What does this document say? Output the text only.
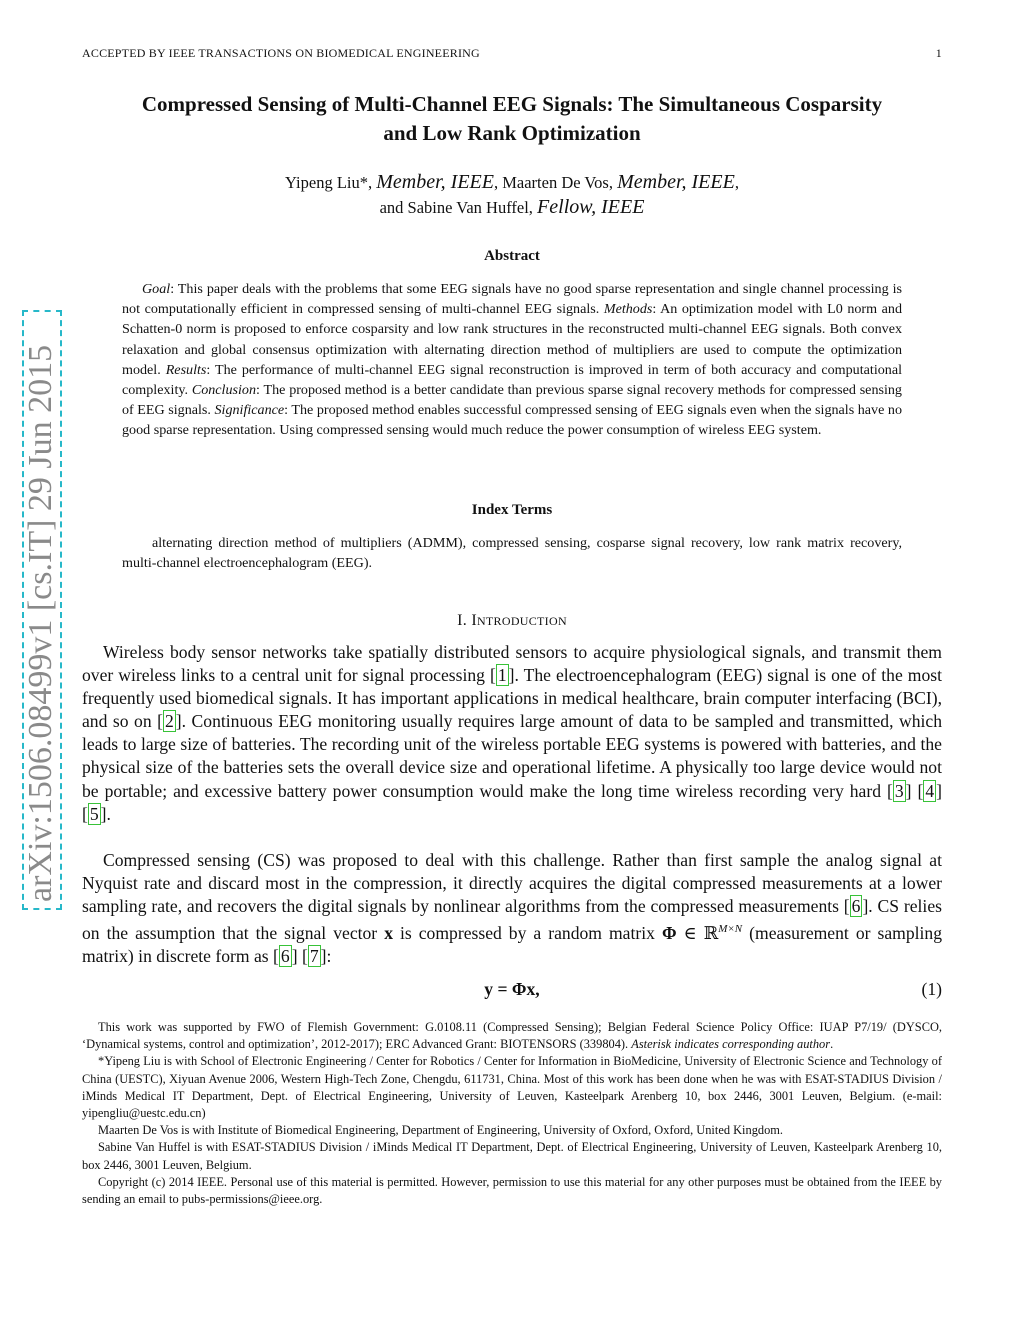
ACCEPTED BY IEEE TRANSACTIONS ON BIOMEDICAL ENGINEERING	1
arXiv:1506.08499v1 [cs.IT] 29 Jun 2015
Compressed Sensing of Multi-Channel EEG Signals: The Simultaneous Cosparsity
and Low Rank Optimization
Yipeng Liu*, Member, IEEE, Maarten De Vos, Member, IEEE,
and Sabine Van Huffel, Fellow, IEEE
Abstract

Goal: This paper deals with the problems that some EEG signals have no good sparse representation and single channel processing is not computationally efficient in compressed sensing of multi-channel EEG signals. Methods: An optimization model with L0 norm and Schatten-0 norm is proposed to enforce cosparsity and low rank structures in the reconstructed multi-channel EEG signals. Both convex relaxation and global consensus optimization with alternating direction method of multipliers are used to compute the optimization model. Results: The performance of multi-channel EEG signal reconstruction is improved in term of both accuracy and computational complexity. Conclusion: The proposed method is a better candidate than previous sparse signal recovery methods for compressed sensing of EEG signals. Significance: The proposed method enables successful compressed sensing of EEG signals even when the signals have no good sparse representation. Using compressed sensing would much reduce the power consumption of wireless EEG system.

Index Terms

alternating direction method of multipliers (ADMM), compressed sensing, cosparse signal recovery, low rank matrix recovery, multi-channel electroencephalogram (EEG).

I. INTRODUCTION

Wireless body sensor networks take spatially distributed sensors to acquire physiological signals, and transmit them over wireless links to a central unit for signal processing [ 1 ]. The electroencephalogram (EEG) signal is one of the most frequently used biomedical signals. It has important applications in medical healthcare, brain computer interfacing (BCI), and so on [ 2 ]. Continuous EEG monitoring usually requires large amount of data to be sampled and transmitted, which leads to large size of batteries. The recording unit of the wireless portable EEG systems is powered with batteries, and the physical size of the batteries sets the overall device size and operational lifetime. A physically too large device would not be portable; and excessive battery power consumption would make the long time wireless recording very hard [ 3 ] [ 4 ] [ 5 ].

Compressed sensing (CS) was proposed to deal with this challenge. Rather than first sample the analog signal at Nyquist rate and discard most in the compression, it directly acquires the digital compressed measurements at a lower sampling rate, and recovers the digital signals by nonlinear algorithms from the compressed measurements [ 6 ]. CS relies on the assumption that the signal vector x is compressed by a random matrix Φ ∈ ℝ$^{M\times N}$ (measurement or sampling matrix) in discrete form as [ 6 ] [ 7 ]:

y = Φx,	(1)

This work was supported by FWO of Flemish Government: G.0108.11 (Compressed Sensing); Belgian Federal Science Policy Office: IUAP P7/19/ (DYSCO, ‘Dynamical systems, control and optimization’, 2012-2017); ERC Advanced Grant: BIOTENSORS (339804). Asterisk indicates corresponding author.

*Yipeng Liu is with School of Electronic Engineering / Center for Robotics / Center for Information in BioMedicine, University of Electronic Science and Technology of China (UESTC), Xiyuan Avenue 2006, Western High-Tech Zone, Chengdu, 611731, China. Most of this work has been done when he was with ESAT-STADIUS Division / iMinds Medical IT Department, Dept. of Electrical Engineering, University of Leuven, Kasteelpark Arenberg 10, box 2446, 3001 Leuven, Belgium. (e-mail: yipengliu@uestc.edu.cn)

Maarten De Vos is with Institute of Biomedical Engineering, Department of Engineering, University of Oxford, Oxford, United Kingdom.

Sabine Van Huffel is with ESAT-STADIUS Division / iMinds Medical IT Department, Dept. of Electrical Engineering, University of Leuven, Kasteelpark Arenberg 10, box 2446, 3001 Leuven, Belgium.

Copyright (c) 2014 IEEE. Personal use of this material is permitted. However, permission to use this material for any other purposes must be obtained from the IEEE by sending an email to pubs-permissions@ieee.org.
